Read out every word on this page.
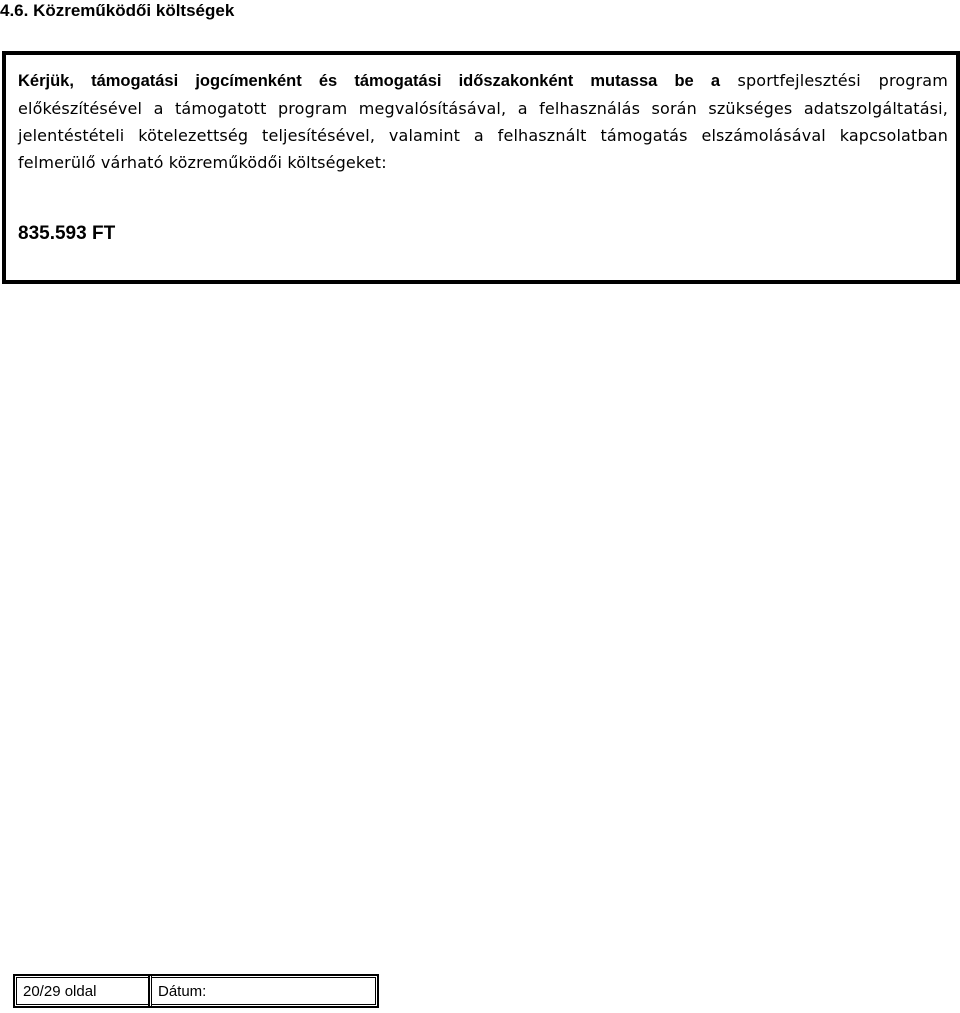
4.6. Közreműködői költségek

Kérjük, támogatási jogcímenként és támogatási időszakonként mutassa be a sportfejlesztési program előkészítésével a támogatott program megvalósításával, a felhasználás során szükséges adatszolgáltatási, jelentéstételi kötelezettség teljesítésével, valamint a felhasznált támogatás elszámolásával kapcsolatban felmerülő várható közreműködői költségeket:

835.593 FT

20/29 oldal	Dátum:
